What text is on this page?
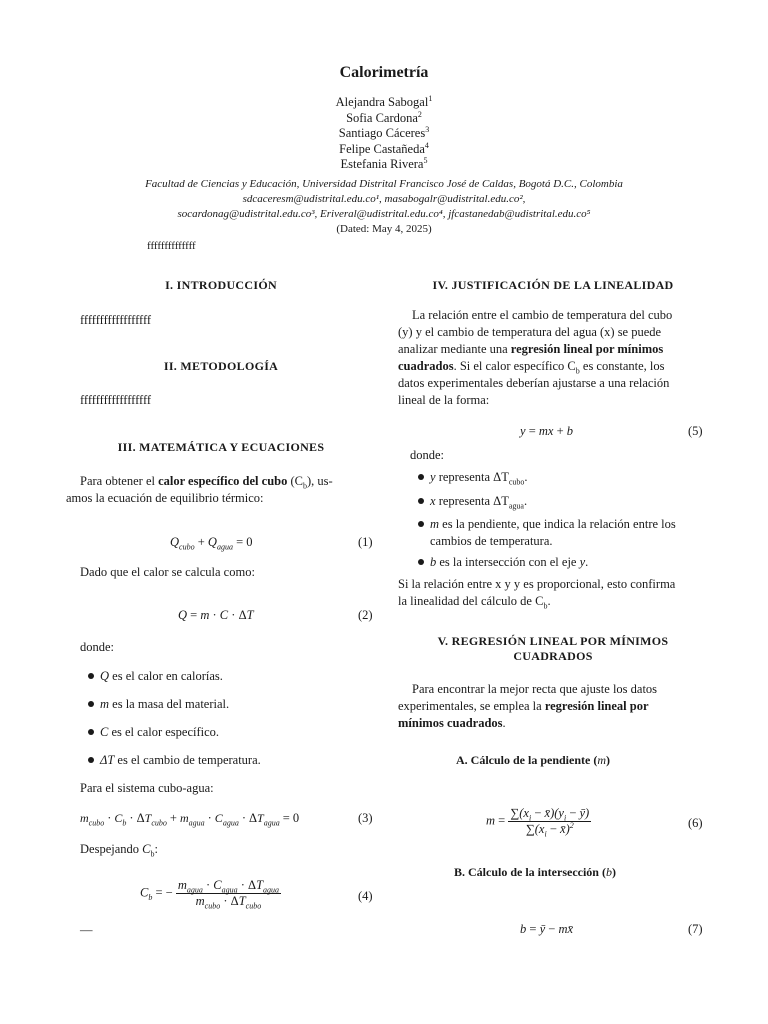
Calorimetría
Alejandra Sabogal$^1$
Sofia Cardona$^2$
Santiago Cáceres$^3$
Felipe Castañeda$^4$
Estefania Rivera$^5$
Facultad de Ciencias y Educación, Universidad Distrital Francisco José de Caldas, Bogotá D.C., Colombia
sdcaceresm@udistrital.edu.co¹, masabogalr@udistrital.edu.co²,
socardonag@udistrital.edu.co³, Eriveral@udistrital.edu.co⁴, jfcastanedab@udistrital.edu.co⁵
(Dated: May 4, 2025)
ffffffffffffff
I. INTRODUCCIÓN
ffffffffffffffffff
II. METODOLOGÍA
ffffffffffffffffff
III. MATEMÁTICA Y ECUACIONES
Para obtener el calor específico del cubo $(C_b)$, us-
amos la ecuación de equilibrio térmico:
$Q_{cubo} + Q_{agua} = 0$	(1)
Dado que el calor se calcula como:
Q = m · C · ΔT	(2)
donde:
Q es el calor en calorías.
m es la masa del material.
C es el calor específico.
ΔT es el cambio de temperatura.
Para el sistema cubo-agua:
$m_{cubo} \cdot C_b \cdot \Delta T_{cubo} + m_{agua} \cdot C_{agua} \cdot \Delta T_{agua} = 0$	(3)
Despejando $C_b$:
$C_b$ = − $\frac{m_{agua} \cdot C_{agua} \cdot \Delta T_{agua}}{m_{cubo} \cdot \Delta T_{cubo}}$	(4)
—
IV. JUSTIFICACIÓN DE LA LINEALIDAD
La relación entre el cambio de temperatura del cubo
(y) y el cambio de temperatura del agua (x) se puede
analizar mediante una regresión lineal por mínimos
cuadrados. Si el calor específico $C_b$ es constante, los
datos experimentales deberían ajustarse a una relación
lineal de la forma:
y = mx + b	(5)
donde:
y representa $\Delta T_{cubo}$.
x representa $\Delta T_{agua}$.
m es la pendiente, que indica la relación entre los
cambios de temperatura.
b es la intersección con el eje y.
Si la relación entre x y y es proporcional, esto confirma
la linealidad del cálculo de $C_b$.
V. REGRESIÓN LINEAL POR MÍNIMOS
CUADRADOS
Para encontrar la mejor recta que ajuste los datos
experimentales, se emplea la regresión lineal por
mínimos cuadrados.
A. Cálculo de la pendiente (m)
$m = \frac{\sum(x_i - x̄)(y_i - ȳ)}{\sum(x_i - x̄)^2}$	(6)
B. Cálculo de la intersección (b)
b = ȳ − mx̄	(7)
